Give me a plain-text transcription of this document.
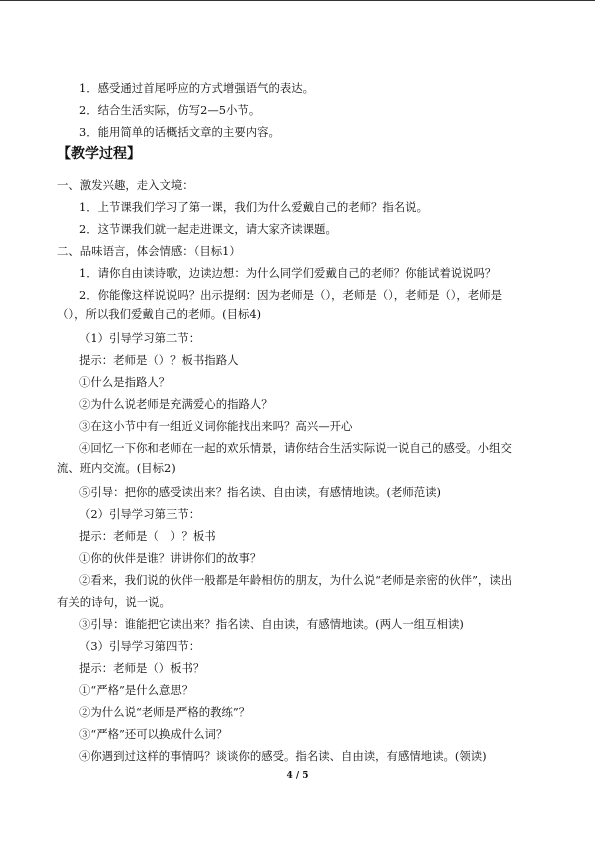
1．感受通过首尾呼应的方式增强语气的表达。
2．结合生活实际，仿写2—5小节。
3．能用简单的话概括文章的主要内容。
【教学过程】
一、激发兴趣，走入文境：
1．上节课我们学习了第一课，我们为什么爱戴自己的老师？指名说。
2．这节课我们就一起走进课文，请大家齐读课题。
二、品味语言，体会情感：（目标1）
1．请你自由读诗歌，边读边想：为什么同学们爱戴自己的老师？你能试着说说吗？
2．你能像这样说说吗？出示提纲：因为老师是（），老师是（），老师是（），老师是
（），所以我们爱戴自己的老师。(目标4)
（1）引导学习第二节：
提示：老师是（）？板书指路人
①什么是指路人？
②为什么说老师是充满爱心的指路人？
③在这小节中有一组近义词你能找出来吗？高兴—开心
④回忆一下你和老师在一起的欢乐情景，请你结合生活实际说一说自己的感受。小组交
流、班内交流。(目标2)
⑤引导：把你的感受读出来？指名读、自由读，有感情地读。(老师范读)
（2）引导学习第三节：
提示：老师是（　）？板书
①你的伙伴是谁？讲讲你们的故事？
②看来，我们说的伙伴一般都是年龄相仿的朋友，为什么说“老师是亲密的伙伴”，读出
有关的诗句，说一说。
③引导：谁能把它读出来？指名读、自由读，有感情地读。(两人一组互相读)
（3）引导学习第四节：
提示：老师是（）板书？
①“严格”是什么意思？
②为什么说“老师是严格的教练”？
③“严格”还可以换成什么词？
④你遇到过这样的事情吗？谈谈你的感受。指名读、自由读，有感情地读。(领读)
4 / 5
